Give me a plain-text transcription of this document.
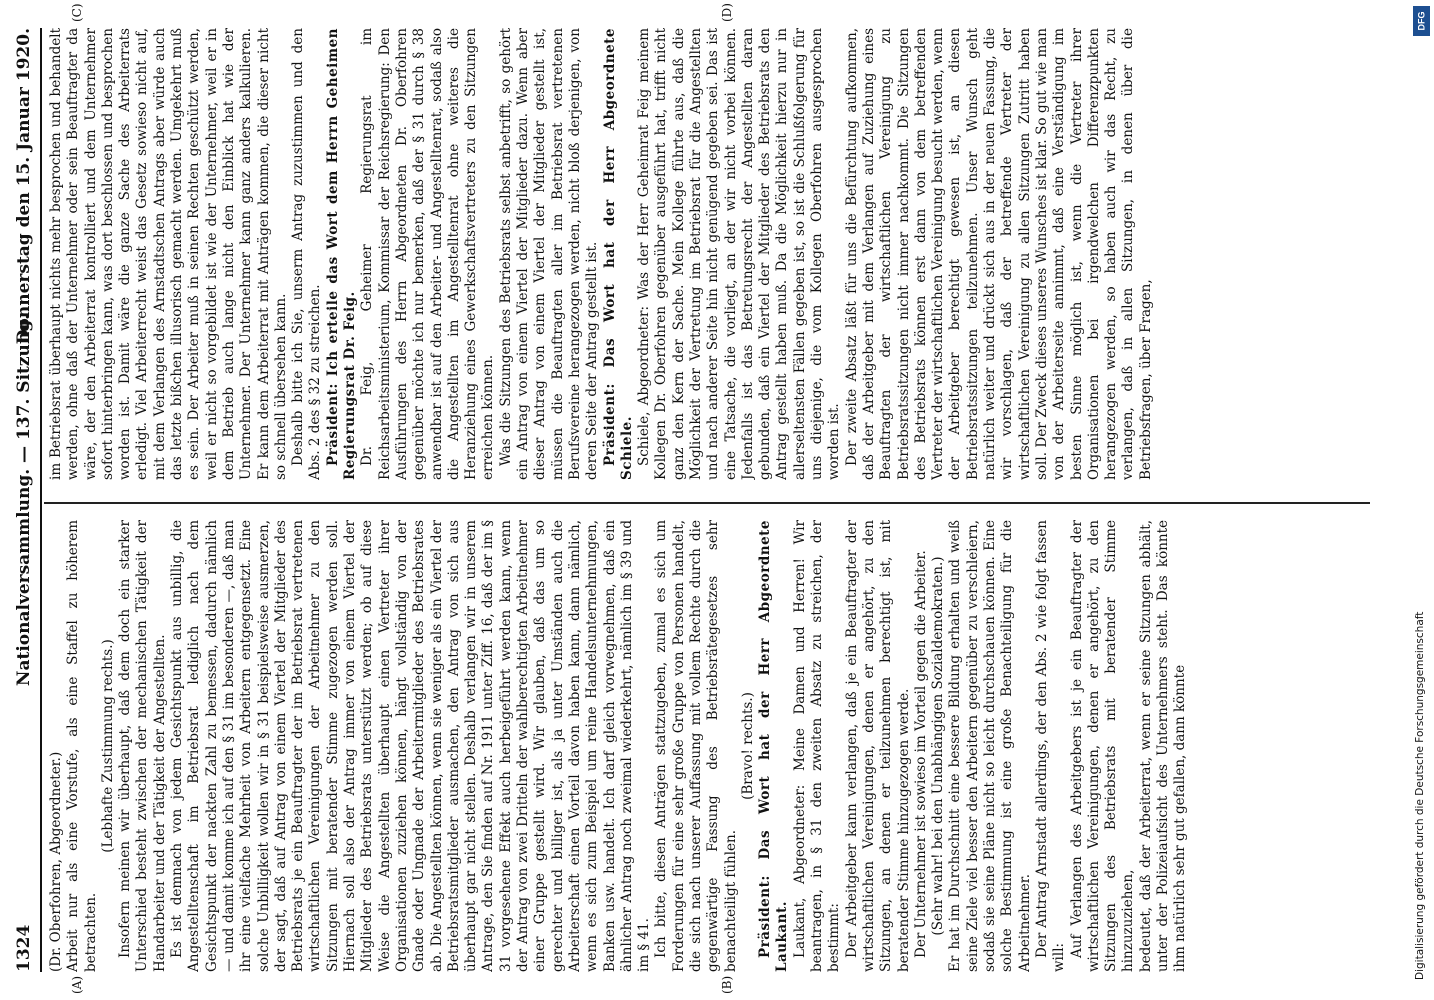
1324
Nationalversammlung. — 137. Sitzung.
Donnerstag den 15. Januar 1920.
(A)	(B)
(C)	(D)

(Dr. Oberfohren, Abgeordneter.) Arbeit nur als eine Vorstufe, als eine Staffel zu höherem betrachten.

(Lebhafte Zustimmung rechts.) Insofern meinen wir überhaupt, daß dem doch ein starker Unterschied besteht zwischen der mechanischen Tätigkeit der Handarbeiter und der Tätigkeit der Angestellten. Es ist demnach von jedem Gesichtspunkt aus unbillig, die Angestelltenschaft im Betriebsrat lediglich nach dem Gesichtspunkt der nackten Zahl zu bemessen, dadurch nämlich — und damit komme ich auf den § 31 im besonderen —, daß man ihr eine vielfache Mehrheit von Arbeitern entgegensetzt. Eine solche Unbilligkeit wollen wir in § 31 beispielsweise ausmerzen, der sagt, daß auf Antrag von einem Viertel der Mitglieder des Betriebsrats je ein Beauftragter der im Betriebsrat vertretenen wirtschaftlichen Vereinigungen der Arbeitnehmer zu den Sitzungen mit beratender Stimme zugezogen werden soll. Hiernach soll also der Antrag immer von einem Viertel der Mitglieder des Betriebsrats unterstützt werden; ob auf diese Weise die Angestellten überhaupt einen Vertreter ihrer Organisationen zuziehen können, hängt vollständig von der Gnade oder Ungnade der Arbeitermitglieder des Betriebsrates ab. Die Angestellten können, wenn sie weniger als ein Viertel der Betriebsratsmitglieder ausmachen, den Antrag von sich aus überhaupt gar nicht stellen. Deshalb verlangen wir in unserem Antrage, den Sie finden auf Nr. 1911 unter Ziff. 16, daß der im § 31 vorgesehene Effekt auch herbeigeführt werden kann, wenn der Antrag von zwei Dritteln der wahlberechtigten Arbeitnehmer einer Gruppe gestellt wird. Wir glauben, daß das um so gerechter und billiger ist, als ja unter Umständen auch die Arbeiterschaft einen Vorteil davon haben kann, dann nämlich, wenn es sich zum Beispiel um reine Handelsunternehmungen, Banken usw. handelt. Ich darf gleich vorwegnehmen, daß ein ähnlicher Antrag noch zweimal wiederkehrt, nämlich im § 39 und im § 41. Ich bitte, diesen Anträgen stattzugeben, zumal es sich um Forderungen für eine sehr große Gruppe von Personen handelt, die sich nach unserer Auffassung mit vollem Rechte durch die gegenwärtige Fassung des Betriebsrätegesetzes sehr benachteiligt fühlen.

(Bravo! rechts.) Präsident: Das Wort hat der Herr Abgeordnete Laukant. Laukant, Abgeordneter: Meine Damen und Herren! Wir beantragen, in § 31 den zweiten Absatz zu streichen, der bestimmt: Der Arbeitgeber kann verlangen, daß je ein Beauftragter der wirtschaftlichen Vereinigungen, denen er angehört, zu den Sitzungen, an denen er teilzunehmen berechtigt ist, mit beratender Stimme hinzugezogen werde. Der Unternehmer ist sowieso im Vorteil gegen die Arbeiter. (Sehr wahr! bei den Unabhängigen Sozialdemokraten.) Er hat im Durchschnitt eine bessere Bildung erhalten und weiß seine Ziele viel besser den Arbeitern gegenüber zu verschleiern, sodaß sie seine Pläne nicht so leicht durchschauen können. Eine solche Bestimmung ist eine große Benachteiligung für die Arbeitnehmer. Der Antrag Arnstadt allerdings, der den Abs. 2 wie folgt fassen will: Auf Verlangen des Arbeitgebers ist je ein Beauftragter der wirtschaftlichen Vereinigungen, denen er angehört, zu den Sitzungen des Betriebsrats mit beratender Stimme hinzuzuziehen, bedeutet, daß der Arbeiterrat, wenn er seine Sitzungen abhält, unter der Polizeiaufsicht des Unternehmers steht. Das könnte ihm natürlich sehr gut gefallen, dann könnte

im Betriebsrat überhaupt nichts mehr besprochen und behandelt werden, ohne daß der Unternehmer oder sein Beauftragter da wäre, der den Arbeiterrat kontrolliert und dem Unternehmer sofort hinterbringen kann, was dort beschlossen und besprochen worden ist. Damit wäre die ganze Sache des Arbeiterrats erledigt. Viel Arbeiterrecht weist das Gesetz sowieso nicht auf, mit dem Verlangen des Arnstadtschen Antrags aber würde auch das letzte bißchen illusorisch gemacht werden. Umgekehrt muß es sein. Der Arbeiter muß in seinen Rechten geschützt werden, weil er nicht so vorgebildet ist wie der Unternehmer, weil er in dem Betrieb auch lange nicht den Einblick hat wie der Unternehmer. Der Unternehmer kann ganz anders kalkulieren. Er kann dem Arbeiterrat mit Anträgen kommen, die dieser nicht so schnell übersehen kann. Deshalb bitte ich Sie, unserm Antrag zuzustimmen und den Abs. 2 des § 32 zu streichen. Präsident: Ich erteile das Wort dem Herrn Geheimen Regierungsrat Dr. Feig. Dr. Feig, Geheimer Regierungsrat im Reichsarbeitsministerium, Kommissar der Reichsregierung: Den Ausführungen des Herrn Abgeordneten Dr. Oberfohren gegenüber möchte ich nur bemerken, daß der § 31 durch § 38 anwendbar ist auf den Arbeiter- und Angestelltenrat, sodaß also die Angestellten im Angestelltenrat ohne weiteres die Heranziehung eines Gewerkschaftsvertreters zu den Sitzungen erreichen können. Was die Sitzungen des Betriebsrats selbst anbetrifft, so gehört ein Antrag von einem Viertel der Mitglieder dazu. Wenn aber dieser Antrag von einem Viertel der Mitglieder gestellt ist, müssen die Beauftragten aller im Betriebsrat vertretenen Berufsvereine herangezogen werden, nicht bloß derjenigen, von deren Seite der Antrag gestellt ist. Präsident: Das Wort hat der Herr Abgeordnete Schiele. Schiele, Abgeordneter: Was der Herr Geheimrat Feig meinem Kollegen Dr. Oberfohren gegenüber ausgeführt hat, trifft nicht ganz den Kern der Sache. Mein Kollege führte aus, daß die Möglichkeit der Vertretung im Betriebsrat für die Angestellten und nach anderer Seite hin nicht genügend gegeben sei. Das ist eine Tatsache, die vorliegt, an der wir nicht vorbei können. Jedenfalls ist das Betretungsrecht der Angestellten daran gebunden, daß ein Viertel der Mitglieder des Betriebsrats den Antrag gestellt haben muß. Da die Möglichkeit hierzu nur in allerseltensten Fällen gegeben ist, so ist die Schlußfolgerung für uns diejenige, die vom Kollegen Oberfohren ausgesprochen worden ist. Der zweite Absatz läßt für uns die Befürchtung aufkommen, daß der Arbeitgeber mit dem Verlangen auf Zuziehung eines Beauftragten der wirtschaftlichen Vereinigung zu Betriebsratssitzungen nicht immer nachkommt. Die Sitzungen des Betriebsrats können erst dann von dem betreffenden Vertreter der wirtschaftlichen Vereinigung besucht werden, wenn der Arbeitgeber berechtigt gewesen ist, an diesen Betriebsratssitzungen teilzunehmen. Unser Wunsch geht natürlich weiter und drückt sich aus in der neuen Fassung, die wir vorschlagen, daß der betreffende Vertreter der wirtschaftlichen Vereinigung zu allen Sitzungen Zutritt haben soll. Der Zweck dieses unseres Wunsches ist klar. So gut wie man von der Arbeiterseite annimmt, daß eine Verständigung im besten Sinne möglich ist, wenn die Vertreter ihrer Organisationen bei irgendwelchen Differenzpunkten herangezogen werden, so haben auch wir das Recht, zu verlangen, daß in allen Sitzungen, in denen über die Betriebsfragen, über Fragen,

DFG
Digitalisierung gefördert durch die Deutsche Forschungsgemeinschaft
